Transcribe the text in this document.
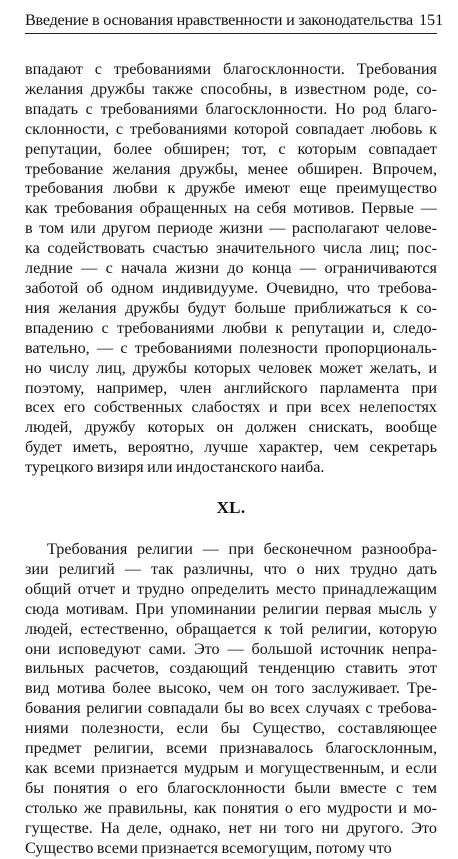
Введение в основания нравственности и законодательства 151

впадают с требованиями благосклонности. Требования
желания дружбы также способны, в известном роде, со-
впадать с требованиями благосклонности. Но род благо-
склонности, с требованиями которой совпадает любовь к
репутации, более обширен; тот, с которым совпадает
требование желания дружбы, менее обширен. Впрочем,
требования любви к дружбе имеют еще преимущество
как требования обращенных на себя мотивов. Первые —
в том или другом периоде жизни — располагают челове-
ка содействовать счастью значительного числа лиц; пос-
ледние — с начала жизни до конца — ограничиваются
заботой об одном индивидууме. Очевидно, что требова-
ния желания дружбы будут больше приближаться к со-
впадению с требованиями любви к репутации и, следо-
вательно, — с требованиями полезности пропорциональ-
но числу лиц, дружбы которых человек может желать, и
поэтому, например, член английского парламента при
всех его собственных слабостях и при всех нелепостях
людей, дружбу которых он должен снискать, вообще
будет иметь, вероятно, лучше характер, чем секретарь
турецкого визиря или индостанского наиба.

XL.

Требования религии — при бесконечном разнообра-
зии религий — так различны, что о них трудно дать
общий отчет и трудно определить место принадлежащим
сюда мотивам. При упоминании религии первая мысль у
людей, естественно, обращается к той религии, которую
они исповедуют сами. Это — большой источник непра-
вильных расчетов, создающий тенденцию ставить этот
вид мотива более высоко, чем он того заслуживает. Тре-
бования религии совпадали бы во всех случаях с требова-
ниями полезности, если бы Существо, составляющее
предмет религии, всеми признавалось благосклонным,
как всеми признается мудрым и могущественным, и если
бы понятия о его благосклонности были вместе с тем
столько же правильны, как понятия о его мудрости и мо-
гуществе. На деле, однако, нет ни того ни другого. Это
Существо всеми признается всемогущим, потому что
